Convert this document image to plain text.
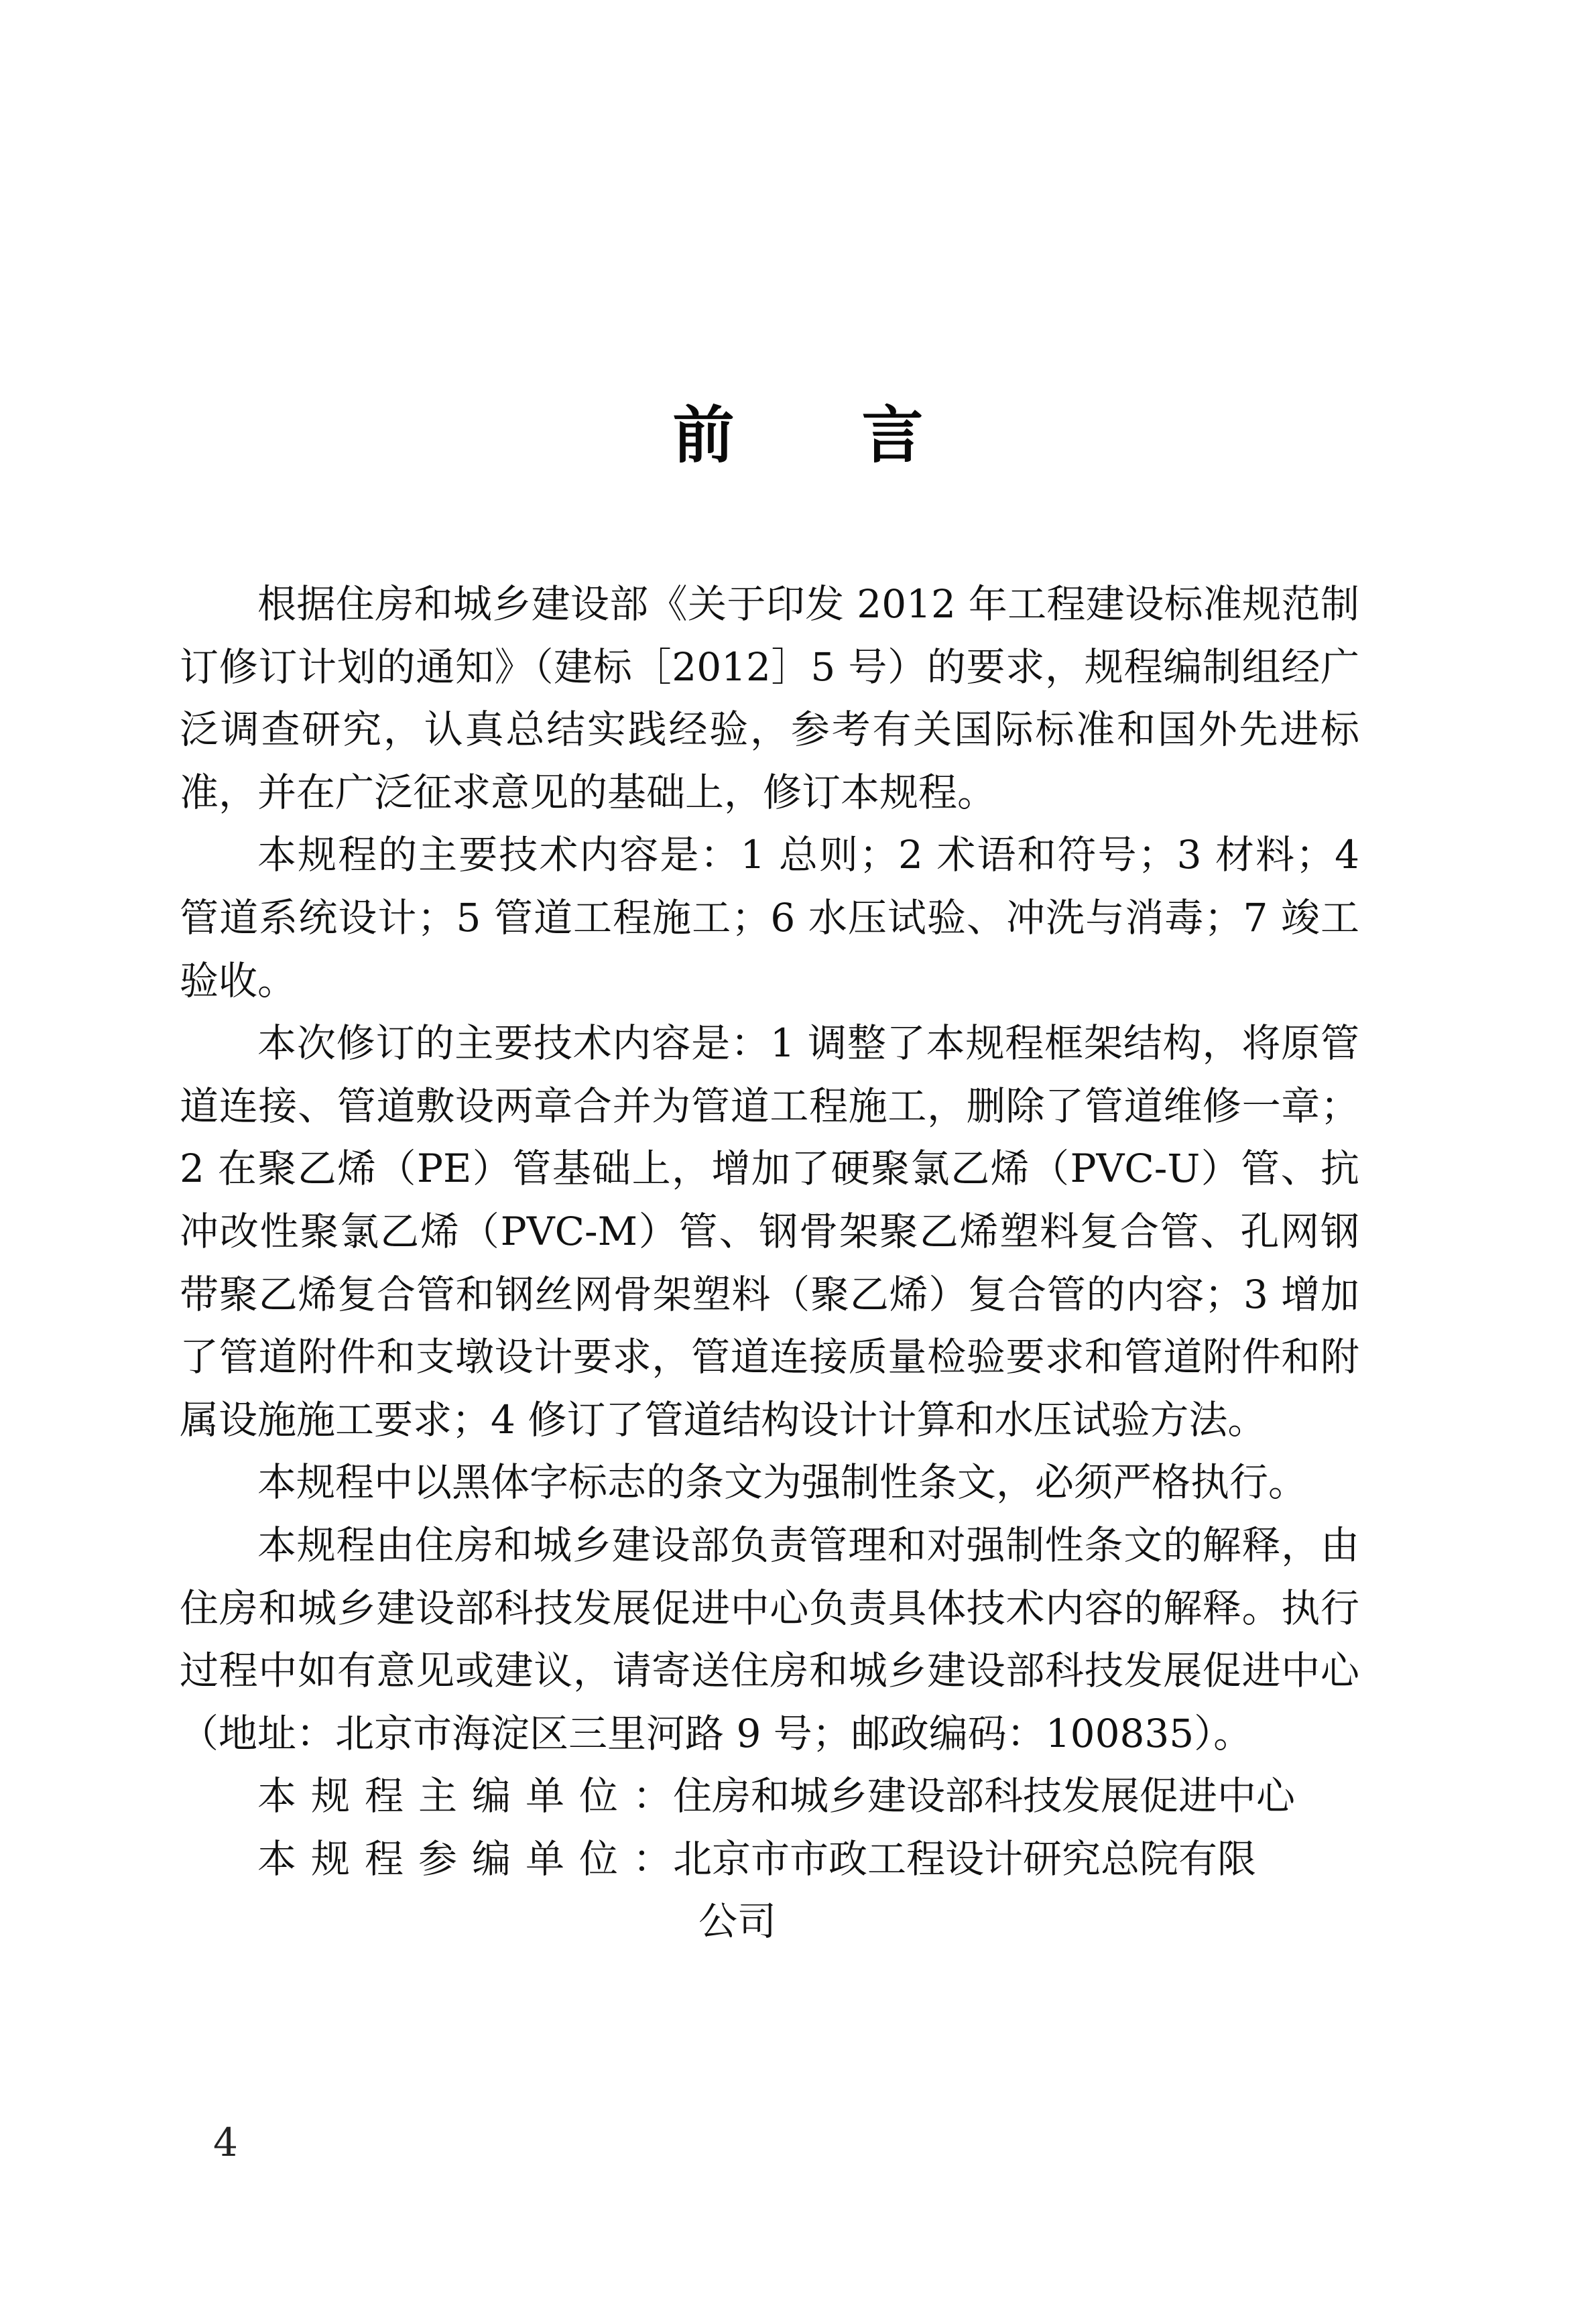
前言

根据住房和城乡建设部《关于印发 2012 年工程建设标准规范制订修订计划的通知》（建标［2012］5 号）的要求，规程编制组经广泛调查研究，认真总结实践经验，参考有关国际标准和国外先进标准，并在广泛征求意见的基础上，修订本规程。

本规程的主要技术内容是：1 总则；2 术语和符号；3 材料；4 管道系统设计；5 管道工程施工；6 水压试验、冲洗与消毒；7 竣工验收。

本次修订的主要技术内容是：1 调整了本规程框架结构，将原管道连接、管道敷设两章合并为管道工程施工，删除了管道维修一章；2 在聚乙烯（PE）管基础上，增加了硬聚氯乙烯（PVC-U）管、抗冲改性聚氯乙烯（PVC-M）管、钢骨架聚乙烯塑料复合管、孔网钢带聚乙烯复合管和钢丝网骨架塑料（聚乙烯）复合管的内容；3 增加了管道附件和支墩设计要求，管道连接质量检验要求和管道附件和附属设施施工要求；4 修订了管道结构设计计算和水压试验方法。

本规程中以黑体字标志的条文为强制性条文，必须严格执行。

本规程由住房和城乡建设部负责管理和对强制性条文的解释，由住房和城乡建设部科技发展促进中心负责具体技术内容的解释。执行过程中如有意见或建议，请寄送住房和城乡建设部科技发展促进中心（地址：北京市海淀区三里河路 9 号；邮政编码：100835）。

本规程主编单位：
住房和城乡建设部科技发展促进中心
本规程参编单位：
北京市市政工程设计研究总院有限

公司

4
